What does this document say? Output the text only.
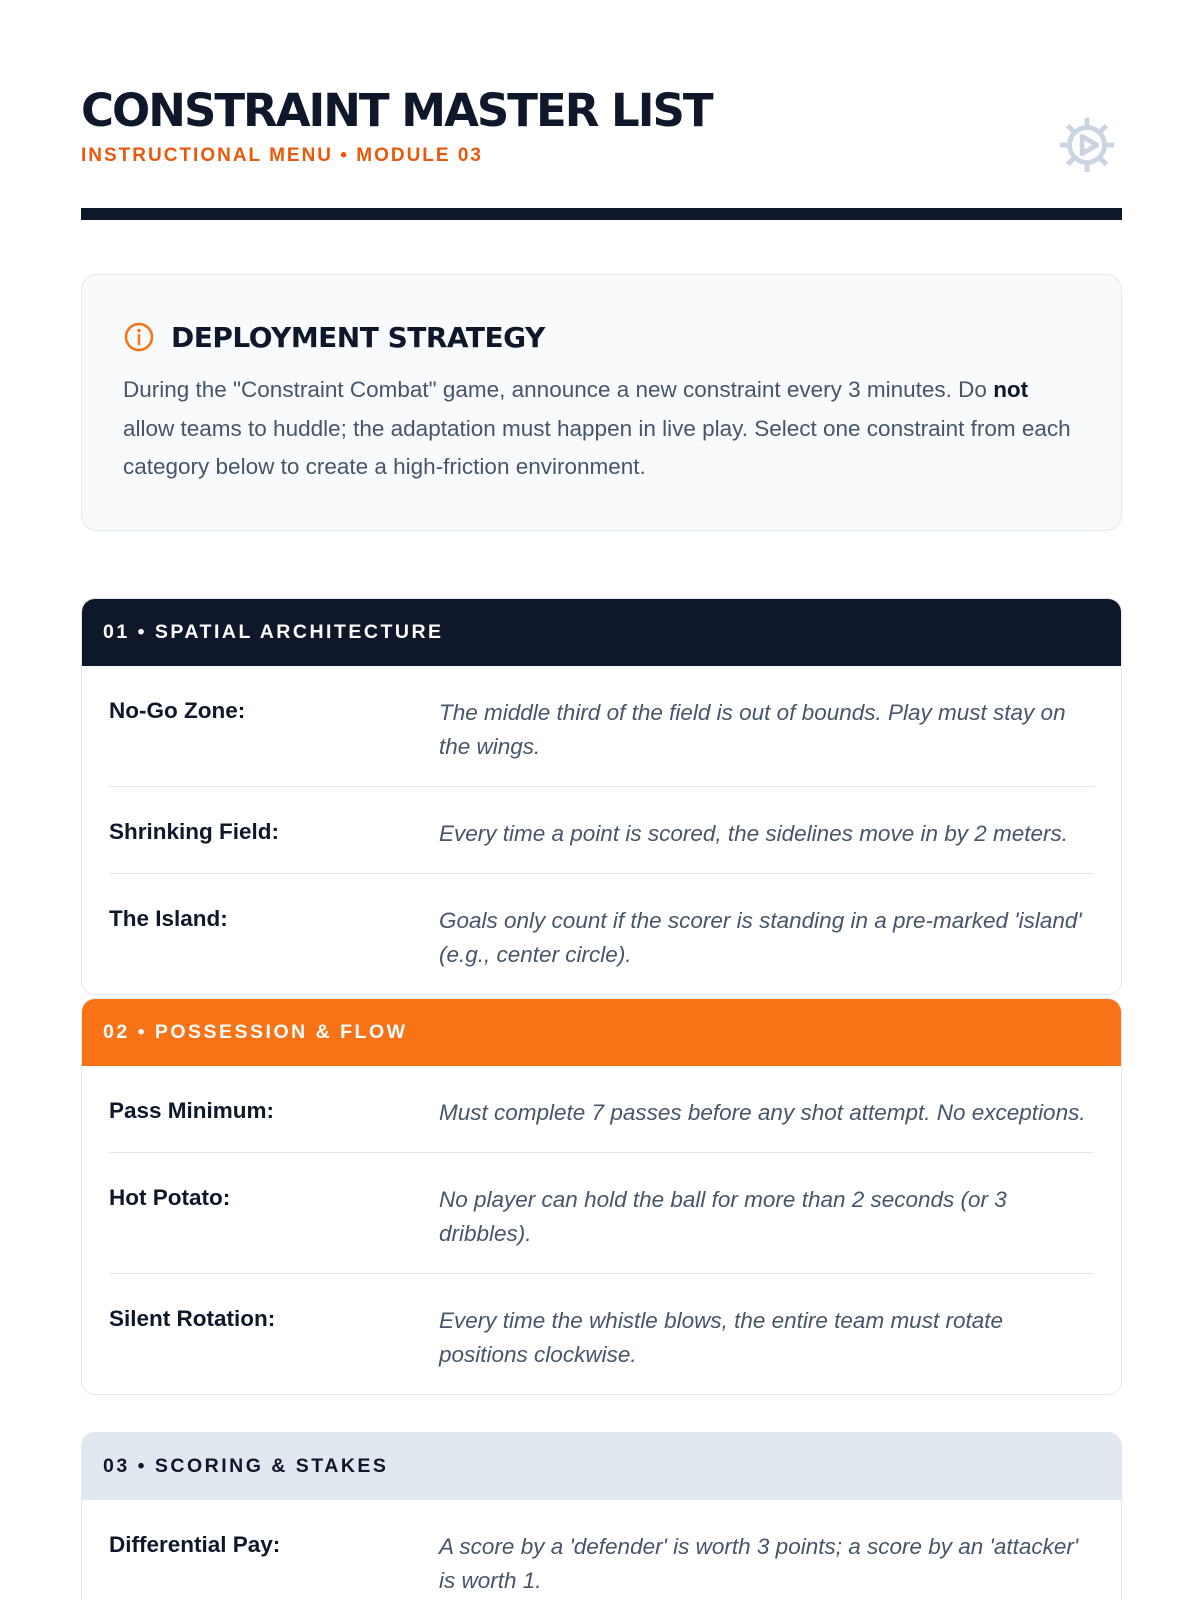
CONSTRAINT MASTER LIST
INSTRUCTIONAL MENU • MODULE 03
DEPLOYMENT STRATEGY

During the "Constraint Combat" game, announce a new constraint every 3 minutes. Do not allow teams to huddle; the adaptation must happen in live play. Select one constraint from each category below to create a high-friction environment.

01 • SPATIAL ARCHITECTURE
No-Go Zone:	The middle third of the field is out of bounds. Play must stay on the wings.
Shrinking Field:	Every time a point is scored, the sidelines move in by 2 meters.
The Island:	Goals only count if the scorer is standing in a pre-marked 'island' (e.g., center circle).
02 • POSSESSION & FLOW
Pass Minimum:	Must complete 7 passes before any shot attempt. No exceptions.
Hot Potato:	No player can hold the ball for more than 2 seconds (or 3 dribbles).
Silent Rotation:	Every time the whistle blows, the entire team must rotate positions clockwise.
03 • SCORING & STAKES
Differential Pay:	A score by a 'defender' is worth 3 points; a score by an 'attacker' is worth 1.
